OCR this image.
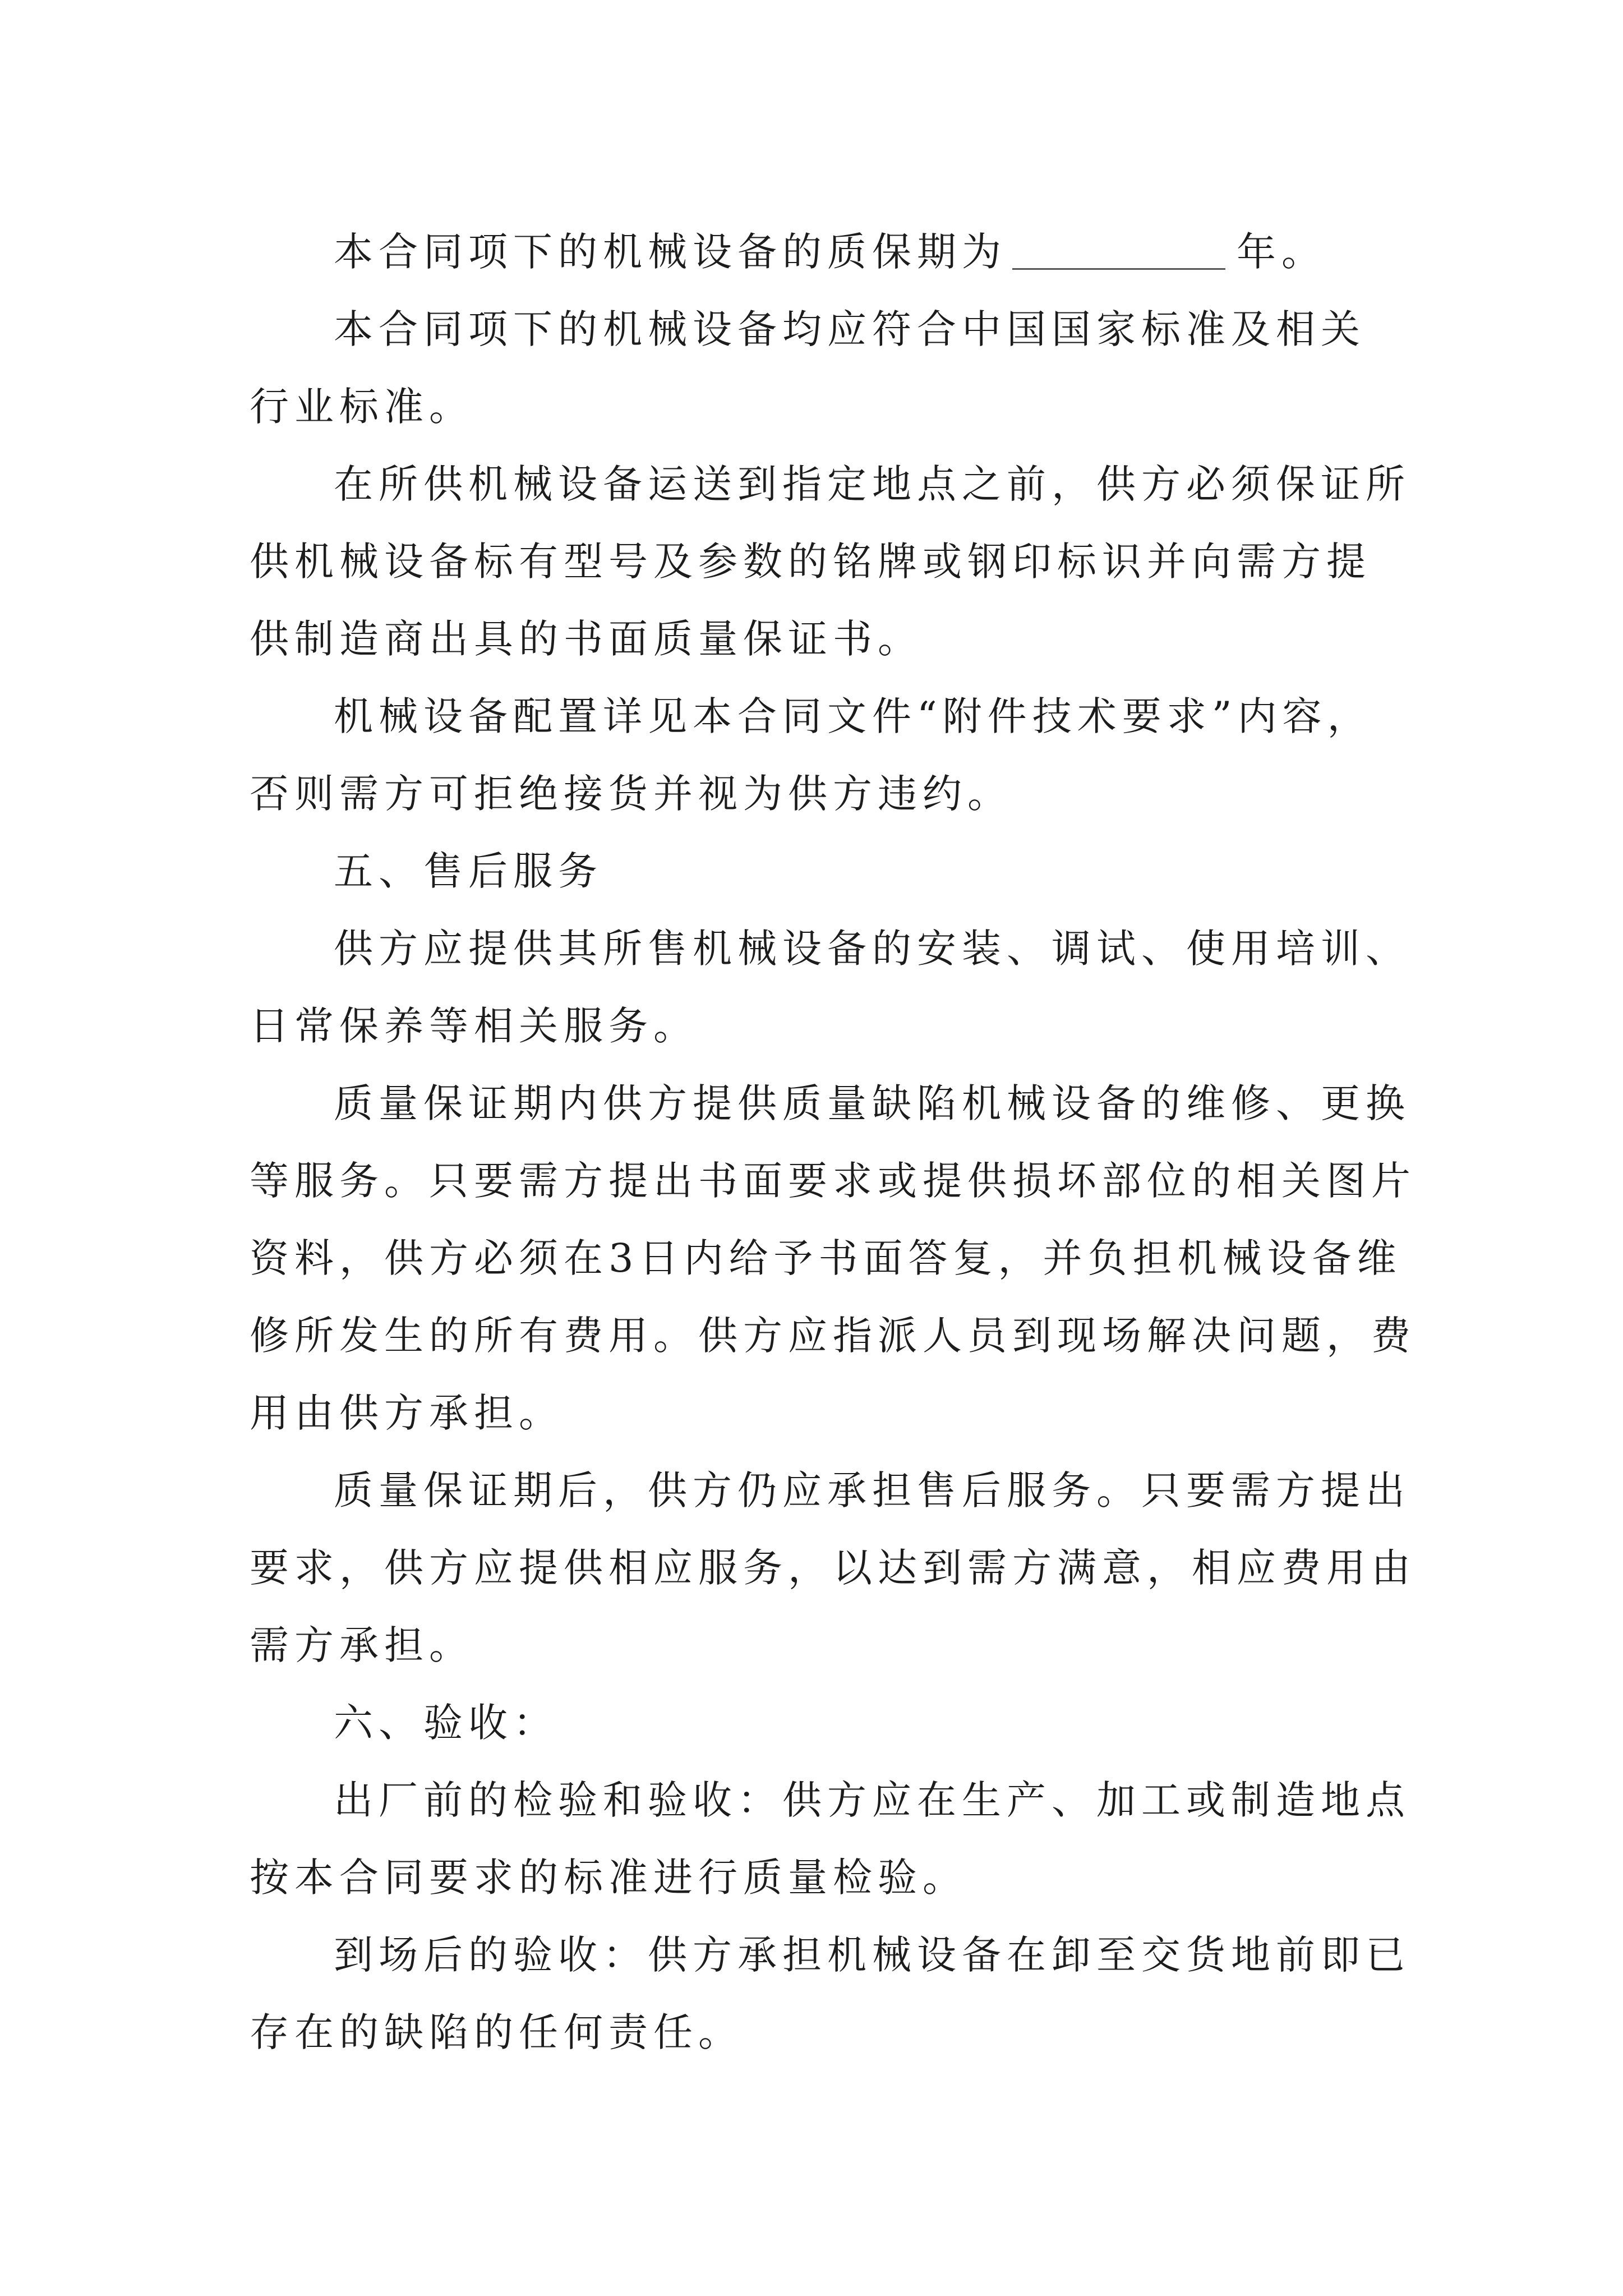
本合同项下的机械设备的质保期为	年。
本合同项下的机械设备均应符合中国国家标准及相关
行业标准。
在所供机械设备运送到指定地点之前，供方必须保证所
供机械设备标有型号及参数的铭牌或钢印标识并向需方提
供制造商出具的书面质量保证书。
机械设备配置详见本合同文件“附件技术要求”内容，
否则需方可拒绝接货并视为供方违约。
五、售后服务
供方应提供其所售机械设备的安装、调试、使用培训、
日常保养等相关服务。
质量保证期内供方提供质量缺陷机械设备的维修、更换
等服务。只要需方提出书面要求或提供损坏部位的相关图片
资料，供方必须在3日内给予书面答复，并负担机械设备维
修所发生的所有费用。供方应指派人员到现场解决问题，费
用由供方承担。
质量保证期后，供方仍应承担售后服务。只要需方提出
要求，供方应提供相应服务，以达到需方满意，相应费用由
需方承担。
六、验收：
出厂前的检验和验收：供方应在生产、加工或制造地点
按本合同要求的标准进行质量检验。
到场后的验收：供方承担机械设备在卸至交货地前即已
存在的缺陷的任何责任。
